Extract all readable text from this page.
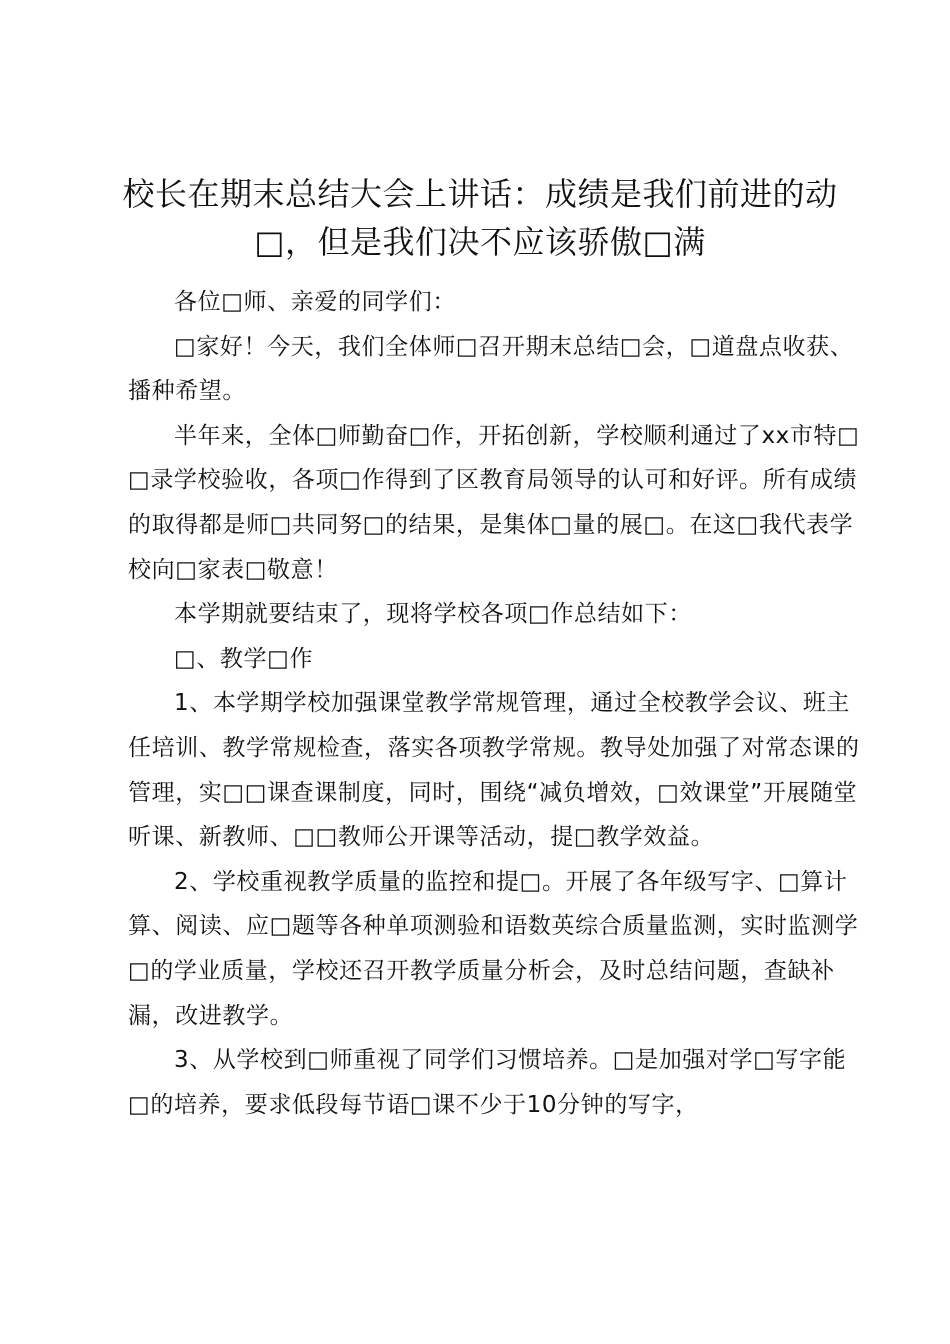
校长在期末总结大会上讲话：成绩是我们前进的动□，但是我们决不应该骄傲□满

各位□师、亲爱的同学们：

□家好！今天，我们全体师□召开期末总结□会，□道盘点收获、播种希望。

半年来，全体□师勤奋□作，开拓创新，学校顺利通过了xx市特□□录学校验收，各项□作得到了区教育局领导的认可和好评。所有成绩的取得都是师□共同努□的结果，是集体□量的展□。在这□我代表学校向□家表□敬意！

本学期就要结束了，现将学校各项□作总结如下：

□、教学□作

1、本学期学校加强课堂教学常规管理，通过全校教学会议、班主任培训、教学常规检查，落实各项教学常规。教导处加强了对常态课的管理，实□□课查课制度，同时，围绕“减负增效，□效课堂”开展随堂听课、新教师、□□教师公开课等活动，提□教学效益。

2、学校重视教学质量的监控和提□。开展了各年级写字、□算计算、阅读、应□题等各种单项测验和语数英综合质量监测，实时监测学□的学业质量，学校还召开教学质量分析会，及时总结问题，查缺补漏，改进教学。

3、从学校到□师重视了同学们习惯培养。□是加强对学□写字能□的培养，要求低段每节语□课不少于10分钟的写字，
